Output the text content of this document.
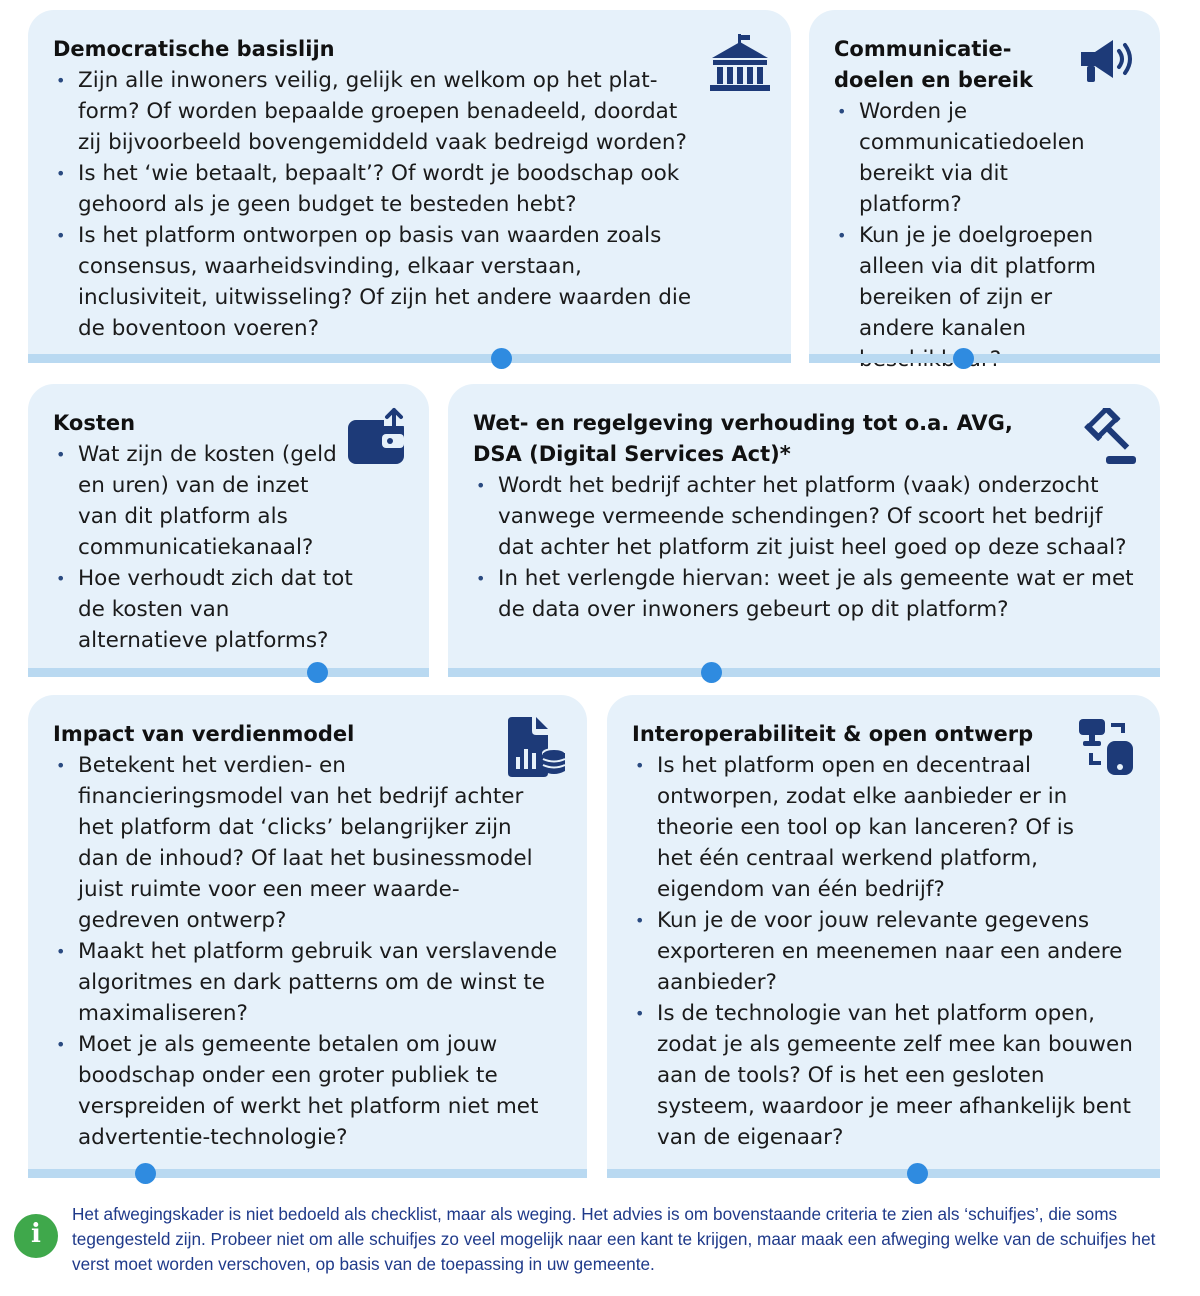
Democratische basislijn
• Zijn alle inwoners veilig, gelijk en welkom op het plat-form? Of worden bepaalde groepen benadeeld, doordat zij bijvoorbeeld bovengemiddeld vaak bedreigd worden?
• Is het ‘wie betaalt, bepaalt’? Of wordt je boodschap ook gehoord als je geen budget te besteden hebt?
• Is het platform ontworpen op basis van waarden zoals consensus, waarheidsvinding, elkaar verstaan, inclusiviteit, uitwisseling? Of zijn het andere waarden die de boventoon voeren?
Communicatie-doelen en bereik
• Worden je communicatiedoelen bereikt via dit platform?
• Kun je je doelgroepen alleen via dit platform bereiken of zijn er andere kanalen
Kosten
• Wat zijn de kosten (geld en uren) van de inzet van dit platform als communicatiekanaal?
• Hoe verhoudt zich dat tot de kosten van alternatieve platforms?
Wet- en regelgeving verhouding tot o.a. AVG, DSA (Digital Services Act)*
• Wordt het bedrijf achter het platform (vaak) onderzocht vanwege vermeende schendingen? Of scoort het bedrijf dat achter het platform zit juist heel goed op deze schaal?
• In het verlengde hiervan: weet je als gemeente wat er met de data over inwoners gebeurt op dit platform?
Impact van verdienmodel
• Betekent het verdien- en financieringsmodel van het bedrijf achter het platform dat ‘clicks’ belangrijker zijn dan de inhoud? Of laat het businessmodel juist ruimte voor een meer waarde-gedreven ontwerp?
• Maakt het platform gebruik van verslavende algoritmes en dark patterns om de winst te maximaliseren?
• Moet je als gemeente betalen om jouw boodschap onder een groter publiek te verspreiden of werkt het platform niet met advertentie-technologie?
Interoperabiliteit & open ontwerp
• Is het platform open en decentraal ontworpen, zodat elke aanbieder er in theorie een tool op kan lanceren? Of is het één centraal werkend platform, eigendom van één bedrijf?
• Kun je de voor jouw relevante gegevens exporteren en meenemen naar een andere aanbieder?
• Is de technologie van het platform open, zodat je als gemeente zelf mee kan bouwen aan de tools? Of is het een gesloten systeem, waardoor je meer afhankelijk bent van de eigenaar?
i
Het afwegingskader is niet bedoeld als checklist, maar als weging. Het advies is om bovenstaande criteria te zien als ‘schuifjes’, die soms tegengesteld zijn. Probeer niet om alle schuifjes zo veel mogelijk naar een kant te krijgen, maar maak een afweging welke van de schuifjes het verst moet worden verschoven, op basis van de toepassing in uw gemeente.
